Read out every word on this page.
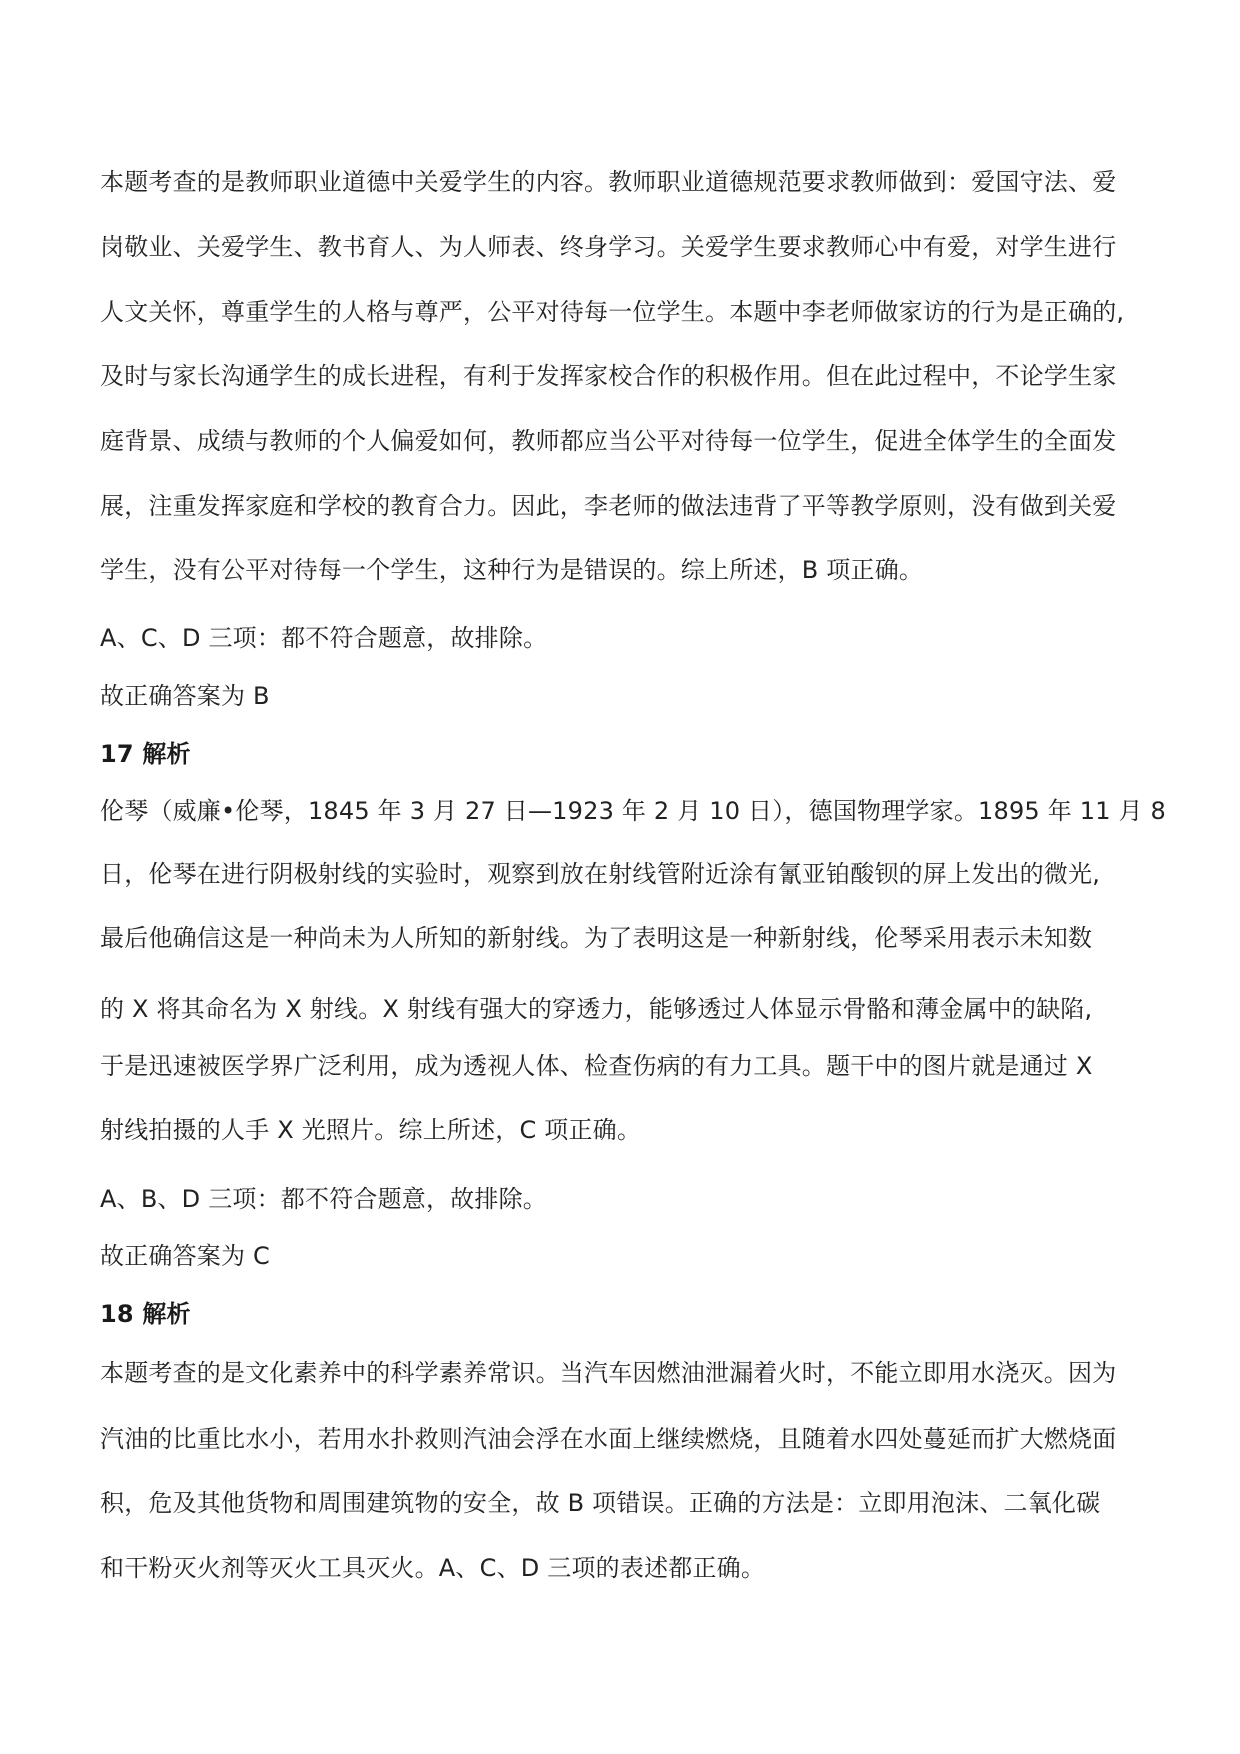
本题考查的是教师职业道德中关爱学生的内容。教师职业道德规范要求教师做到：爱国守法、爱
岗敬业、关爱学生、教书育人、为人师表、终身学习。关爱学生要求教师心中有爱，对学生进行
人文关怀，尊重学生的人格与尊严，公平对待每一位学生。本题中李老师做家访的行为是正确的,
及时与家长沟通学生的成长进程，有利于发挥家校合作的积极作用。但在此过程中，不论学生家
庭背景、成绩与教师的个人偏爱如何，教师都应当公平对待每一位学生，促进全体学生的全面发
展，注重发挥家庭和学校的教育合力。因此，李老师的做法违背了平等教学原则，没有做到关爱
学生，没有公平对待每一个学生，这种行为是错误的。综上所述，B 项正确。
A、C、D 三项：都不符合题意，故排除。
故正确答案为 B
17 解析
伦琴（威廉•伦琴，1845 年 3 月 27 日—1923 年 2 月 10 日），德国物理学家。1895 年 11 月 8
日，伦琴在进行阴极射线的实验时，观察到放在射线管附近涂有氰亚铂酸钡的屏上发出的微光,
最后他确信这是一种尚未为人所知的新射线。为了表明这是一种新射线，伦琴采用表示未知数
的 X 将其命名为 X 射线。X 射线有强大的穿透力，能够透过人体显示骨骼和薄金属中的缺陷,
于是迅速被医学界广泛利用，成为透视人体、检查伤病的有力工具。题干中的图片就是通过 X
射线拍摄的人手 X 光照片。综上所述，C 项正确。
A、B、D 三项：都不符合题意，故排除。
故正确答案为 C
18 解析
本题考查的是文化素养中的科学素养常识。当汽车因燃油泄漏着火时，不能立即用水浇灭。因为
汽油的比重比水小，若用水扑救则汽油会浮在水面上继续燃烧，且随着水四处蔓延而扩大燃烧面
积，危及其他货物和周围建筑物的安全，故 B 项错误。正确的方法是：立即用泡沫、二氧化碳
和干粉灭火剂等灭火工具灭火。A、C、D 三项的表述都正确。
